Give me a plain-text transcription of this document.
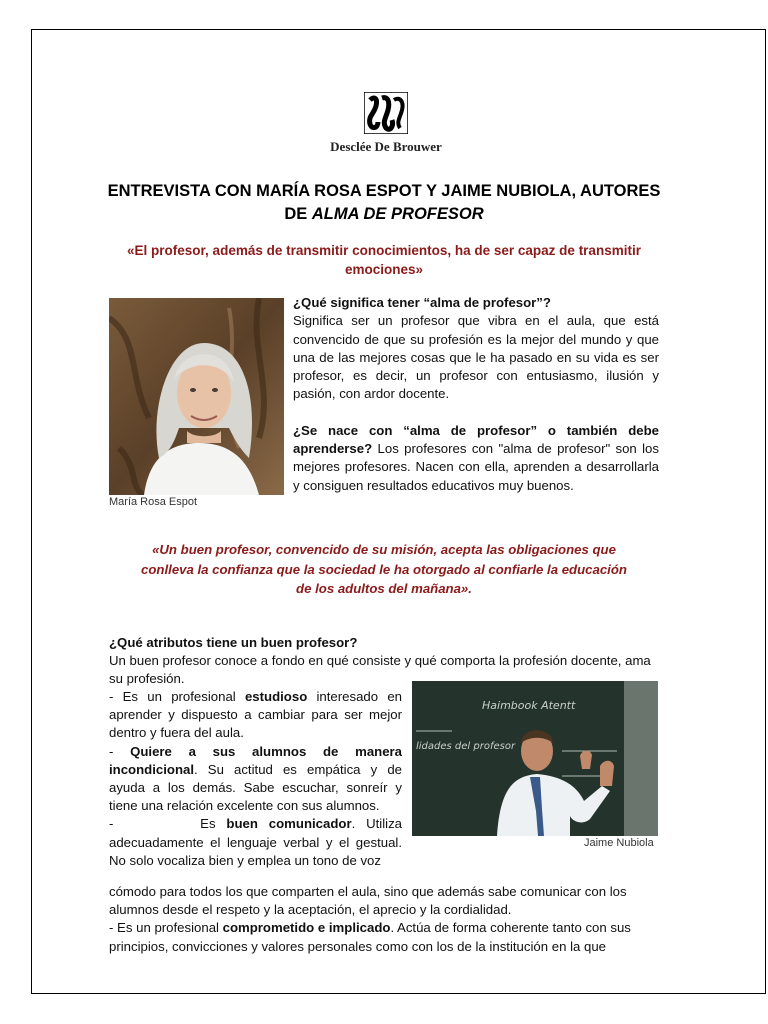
Desclée De Brouwer
ENTREVISTA CON MARÍA ROSA ESPOT Y JAIME NUBIOLA, AUTORES
DE ALMA DE PROFESOR
«El profesor, además de transmitir conocimientos, ha de ser capaz de transmitir emociones»
María Rosa Espot

¿Qué significa tener “alma de profesor”?

Significa ser un profesor que vibra en el aula, que está convencido de que su profesión es la mejor del mundo y que una de las mejores cosas que le ha pasado en su vida es ser profesor, es decir, un profesor con entusiasmo, ilusión y pasión, con ardor docente.

¿Se nace con “alma de profesor” o también debe aprenderse? Los profesores con "alma de profesor" son los mejores profesores. Nacen con ella, aprenden a desarrollarla y consiguen resultados educativos muy buenos.

«Un buen profesor, convencido de su misión, acepta las obligaciones que conlleva la confianza que la sociedad le ha otorgado al confiarle la educación de los adultos del mañana».

¿Qué atributos tiene un buen profesor?

Un buen profesor conoce a fondo en qué consiste y qué comporta la profesión docente, ama su profesión.

- Es un profesional estudioso interesado en aprender y dispuesto a cambiar para ser mejor dentro y fuera del aula.

- Quiere a sus alumnos de manera incondicional. Su actitud es empática y de ayuda a los demás. Sabe escuchar, sonreír y tiene una relación excelente con sus alumnos.

-        Es buen comunicador. Utiliza adecuadamente el lenguaje verbal y el gestual. No solo vocaliza bien y emplea un tono de voz

Haimbook Atentt
lidades del profesor
Jaime Nubiola

cómodo para todos los que comparten el aula, sino que además sabe comunicar con los alumnos desde el respeto y la aceptación, el aprecio y la cordialidad.

- Es un profesional comprometido e implicado. Actúa de forma coherente tanto con sus principios, convicciones y valores personales como con los de la institución en la que
